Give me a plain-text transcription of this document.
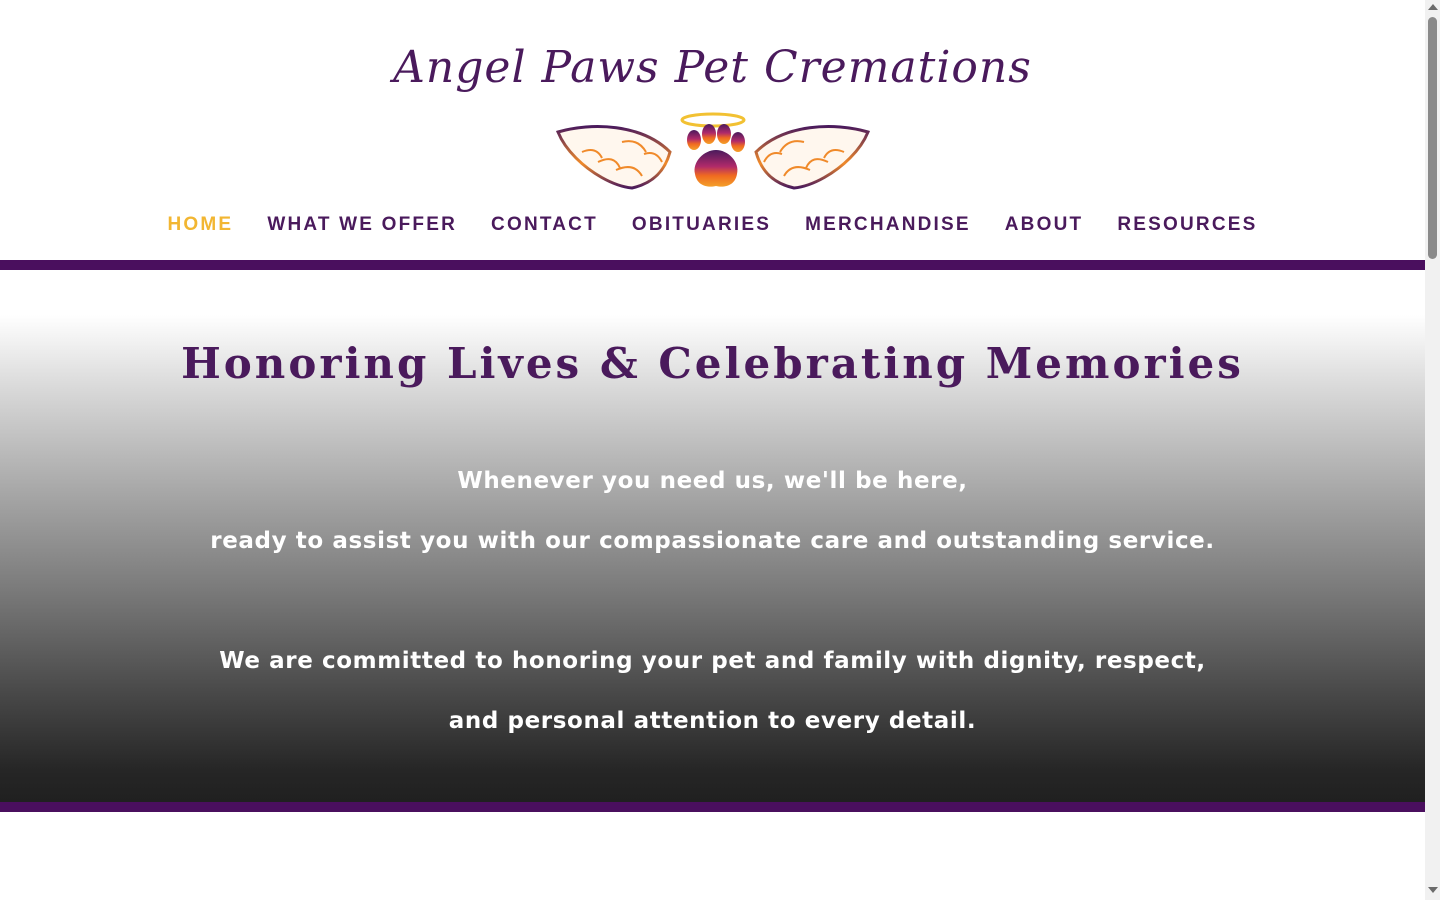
Angel Paws Pet Cremations
HOME WHAT WE OFFER CONTACT OBITUARIES MERCHANDISE ABOUT RESOURCES
Honoring Lives & Celebrating Memories

Whenever you need us, we'll be here,

ready to assist you with our compassionate care and outstanding service.

We are committed to honoring your pet and family with dignity, respect,

and personal attention to every detail.
